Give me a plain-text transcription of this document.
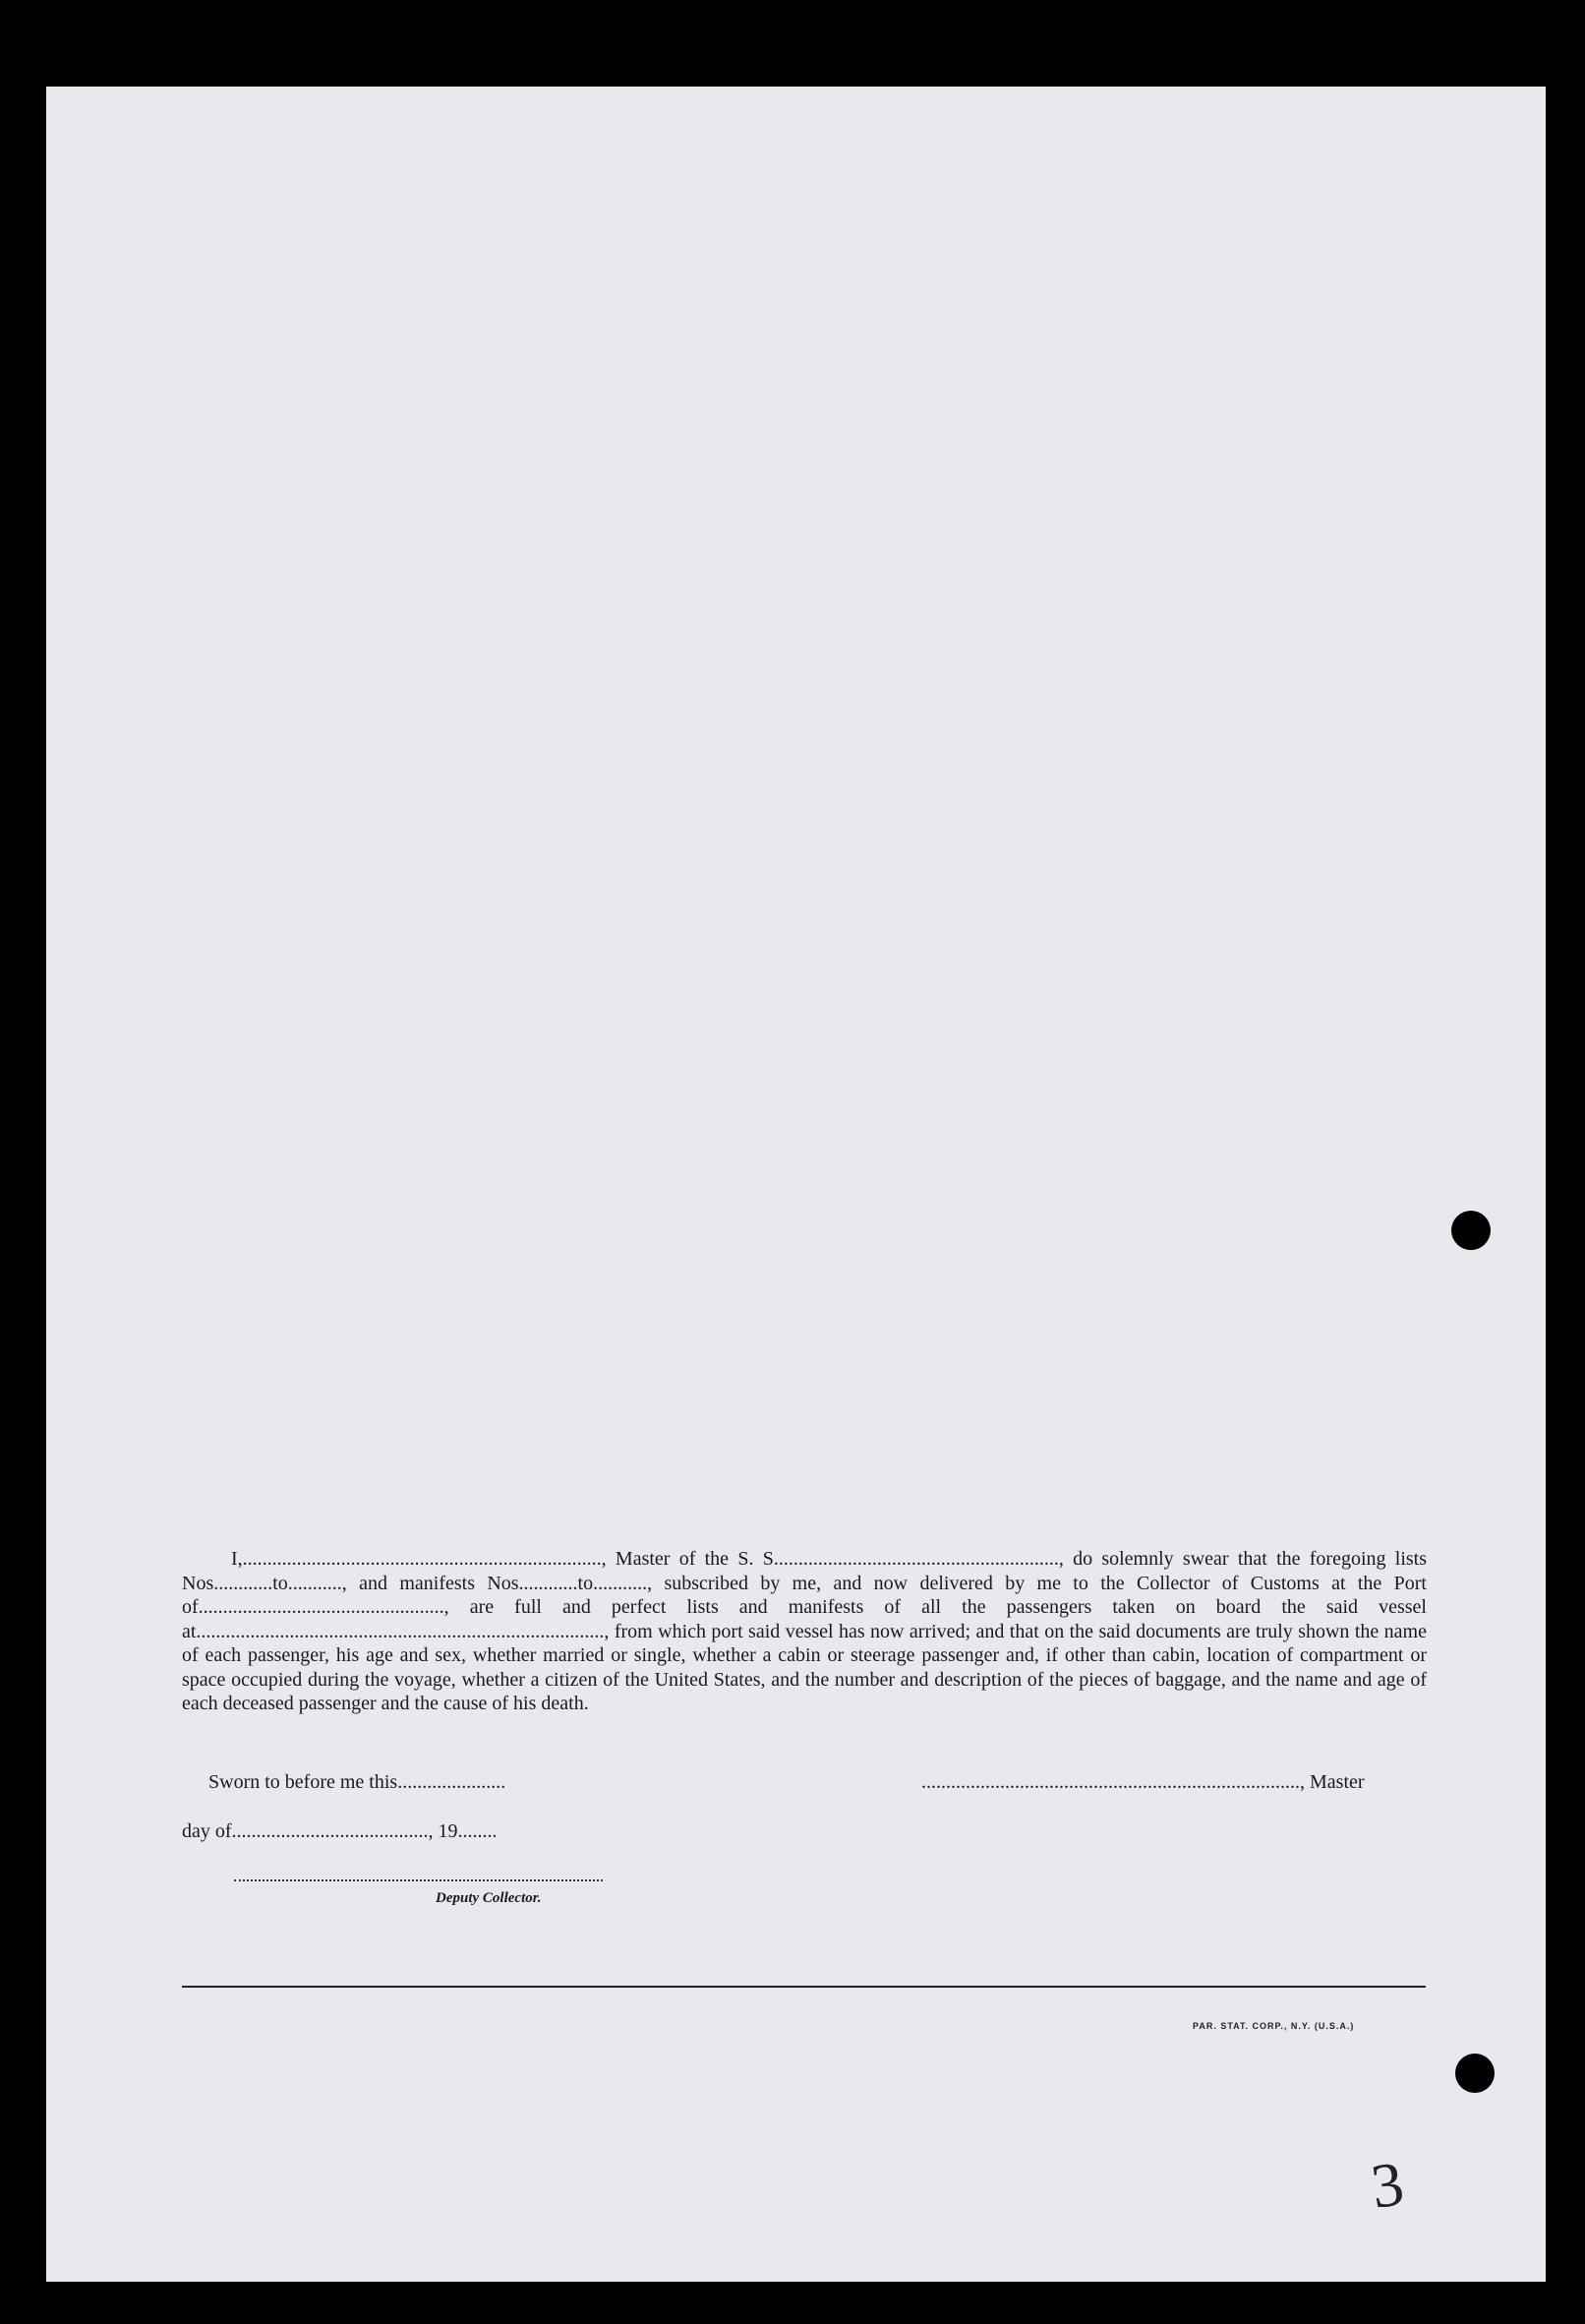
I,........................................................................., Master of the S. S.........................................................., do solemnly swear that the foregoing lists Nos............to..........., and manifests Nos............to..........., subscribed by me, and now delivered by me to the Collector of Customs at the Port of.................................................., are full and perfect lists and manifests of all the passengers taken on board the said vessel at..................................................................................., from which port said vessel has now arrived; and that on the said documents are truly shown the name of each passenger, his age and sex, whether married or single, whether a cabin or steerage passenger and, if other than cabin, location of compartment or space occupied during the voyage, whether a citizen of the United States, and the number and description of the pieces of baggage, and the name and age of each deceased passenger and the cause of his death.
Sworn to before me this......................	............................................................................., Master
day of........................................, 19........
Deputy Collector.
PAR. STAT. CORP., N.Y. (U.S.A.)
3
